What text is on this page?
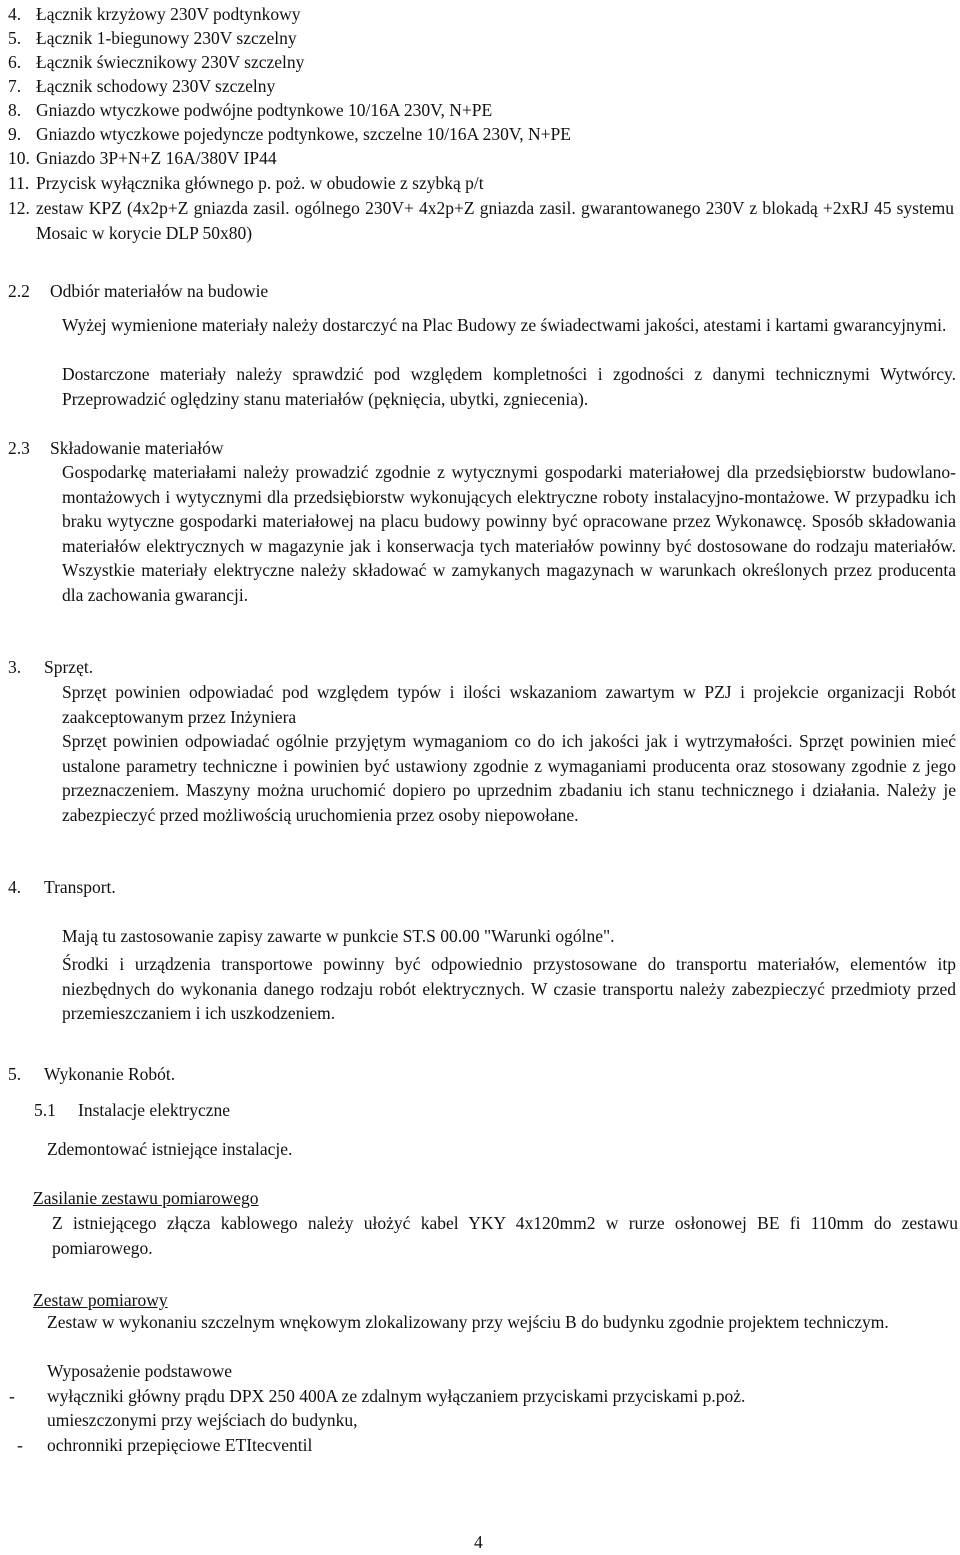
4. Łącznik krzyżowy 230V podtynkowy
5. Łącznik 1-biegunowy 230V szczelny
6. Łącznik świecznikowy 230V szczelny
7. Łącznik schodowy 230V szczelny
8. Gniazdo wtyczkowe podwójne podtynkowe 10/16A 230V, N+PE
9. Gniazdo wtyczkowe pojedyncze podtynkowe, szczelne 10/16A 230V, N+PE
10. Gniazdo 3P+N+Z 16A/380V IP44
11. Przycisk wyłącznika głównego p. poż. w obudowie z szybką p/t
12. zestaw KPZ (4x2p+Z gniazda zasil. ogólnego 230V+ 4x2p+Z gniazda zasil. gwarantowanego 230V z blokadą +2xRJ 45 systemu Mosaic w korycie DLP 50x80)
2.2 Odbiór materiałów na budowie
Wyżej wymienione materiały należy dostarczyć na Plac Budowy ze świadectwami jakości, atestami i kartami gwarancyjnymi.
Dostarczone materiały należy sprawdzić pod względem kompletności i zgodności z danymi technicznymi Wytwórcy. Przeprowadzić oględziny stanu materiałów (pęknięcia, ubytki, zgniecenia).
2.3 Składowanie materiałów
Gospodarkę materiałami należy prowadzić zgodnie z wytycznymi gospodarki materiałowej dla przedsiębiorstw budowlano-montażowych i wytycznymi dla przedsiębiorstw wykonujących elektryczne roboty instalacyjno-montażowe. W przypadku ich braku wytyczne gospodarki materiałowej na placu budowy powinny być opracowane przez Wykonawcę. Sposób składowania materiałów elektrycznych w magazynie jak i konserwacja tych materiałów powinny być dostosowane do rodzaju materiałów. Wszystkie materiały elektryczne należy składować w zamykanych magazynach w warunkach określonych przez producenta dla zachowania gwarancji.
3. Sprzęt.
Sprzęt powinien odpowiadać pod względem typów i ilości wskazaniom zawartym w PZJ i projekcie organizacji Robót zaakceptowanym przez Inżyniera
Sprzęt powinien odpowiadać ogólnie przyjętym wymaganiom co do ich jakości jak i wytrzymałości. Sprzęt powinien mieć ustalone parametry techniczne i powinien być ustawiony zgodnie z wymaganiami producenta oraz stosowany zgodnie z jego przeznaczeniem. Maszyny można uruchomić dopiero po uprzednim zbadaniu ich stanu technicznego i działania. Należy je zabezpieczyć przed możliwością uruchomienia przez osoby niepowołane.
4. Transport.
Mają tu zastosowanie zapisy zawarte w punkcie ST.S 00.00 "Warunki ogólne".
Środki i urządzenia transportowe powinny być odpowiednio przystosowane do transportu materiałów, elementów itp niezbędnych do wykonania danego rodzaju robót elektrycznych. W czasie transportu należy zabezpieczyć przedmioty przed przemieszczaniem i ich uszkodzeniem.
5. Wykonanie Robót.
5.1 Instalacje elektryczne
Zdemontować istniejące instalacje.
Zasilanie zestawu pomiarowego
Z istniejącego złącza kablowego należy ułożyć kabel YKY 4x120mm2 w rurze osłonowej BE fi 110mm do zestawu pomiarowego.
Zestaw pomiarowy
Zestaw w wykonaniu szczelnym wnękowym zlokalizowany przy wejściu B do budynku zgodnie projektem techniczym.
Wyposażenie podstawowe
- wyłączniki główny prądu DPX 250 400A ze zdalnym wyłączaniem przyciskami przyciskami p.poż.
umieszczonymi przy wejściach do budynku,
- ochronniki przepięciowe ETItecventil
4
